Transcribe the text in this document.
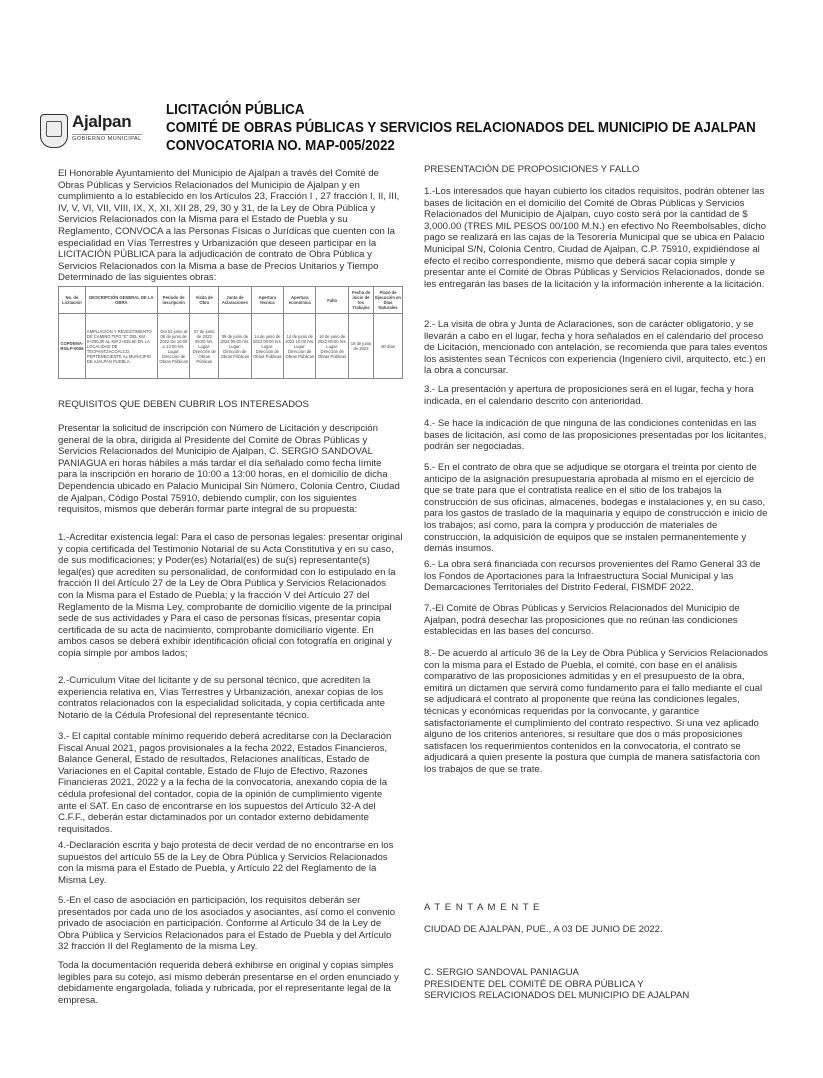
Ajalpan
GOBIERNO MUNICIPAL
LICITACIÓN PÚBLICA
COMITÉ DE OBRAS PÚBLICAS Y SERVICIOS RELACIONADOS DEL MUNICIPIO DE AJALPAN
CONVOCATORIA NO. MAP-005/2022

El Honorable Ayuntamiento del Municipio de Ajalpan a través del Comité de Obras Públicas y Servicios Relacionados del Municipio de Ajalpan y en cumplimiento a lo establecido en los Artículos 23, Fracción I , 27 fracción I, II, III, IV, V, VI, VII, VIII, IX, X, XI, XII 28, 29, 30 y 31, de la Ley de Obra Pública y Servicios Relacionados con la Misma para el Estado de Puebla y su Reglamento, CONVOCA a las Personas Físicas o Jurídicas que cuenten con la especialidad en Vías Terrestres y Urbanización que deseen participar en la LICITACIÓN PÚBLICA para la adjudicación de contrato de Obra Pública y Servicios Relacionados con la Misma a base de Precios Unitarios y Tiempo Determinado de las siguientes obras:

No. de Licitación	DESCRIPCIÓN GENERAL DE LA OBRA	Periodo de inscripción	Visita de Obra	Junta de Aclaraciones	Apertura técnica	Apertura económica	Fallo	Fecha de inicio de los Trabajos	Plazo de Ejecución en Días Naturales
COPDEMA-RSILP-0006	AMPLIACIÓN Y REVESTIMIENTO DE CAMINO TIPO "E" DEL KM 0+000.00 AL KM 2+935.90 EN LA LOCALIDAD DE TECPANTZACOALCO, PERTENECIENTE AL MUNICIPIO DE AJALPAN PUEBLA.	Del 03 junio al 08 de junio de 2022 De 10:00 a 13:00 hrs. Lugar: Dirección de Obras Públicas	07 de junio de 2022 09:00 hrs. Lugar: Dirección de Obras Públicas	09 de junio de 2022 09:00 hrs. Lugar: Dirección de Obras Públicas	14 de junio de 2022 09:00 hrs. Lugar: Dirección de Obras Públicas	14 de junio de 2022 10:00 hrs. Lugar: Dirección de Obras Públicas	16 de junio de 2022 09:00 hrs. Lugar: Dirección de Obras Públicas	18 de junio de 2022	90 días
REQUISITOS QUE DEBEN CUBRIR LOS INTERESADOS
Presentar la solicitud de inscripción con Número de Licitación y descripción general de la obra, dirigida al Presidente del Comité de Obras Públicas y Servicios Relacionados del Municipio de Ajalpan, C. SERGIO SANDOVAL PANIAGUA en horas hábiles a más tardar el día señalado como fecha límite para la inscripción en horario de 10:00 a 13:00 horas, en el domicilio de dicha Dependencia ubicado en Palacio Municipal Sin Número, Colonia Centro, Ciudad de Ajalpan, Código Postal 75910, debiendo cumplir, con los siguientes requisitos, mismos que deberán formar parte integral de su propuesta:
1.-Acreditar existencia legal: Para el caso de personas legales: presentar original y copia certificada del Testimonio Notarial de su Acta Constitutiva y en su caso, de sus modificaciones; y Poder(es) Notarial(es) de su(s) representante(s) legal(es) que acrediten su personalidad, de conformidad con lo estipulado en la fracción II del Artículo 27 de la Ley de Obra Pública y Servicios Relacionados con la Misma para el Estado de Puebla; y la fracción V del Artículo 27 del Reglamento de la Misma Ley, comprobante de domicilio vigente de la principal sede de sus actividades y Para el caso de personas físicas, presentar copia certificada de su acta de nacimiento, comprobante domiciliario vigente. En ambos casos se deberá exhibir identificación oficial con fotografía en original y copia simple por ambos lados;
2.-Curriculum Vitae del licitante y de su personal técnico, que acrediten la experiencia relativa en, Vías Terrestres y Urbanización, anexar copias de los contratos relacionados con la especialidad solicitada, y copia certificada ante Notario de la Cédula Profesional del representante técnico.
3.- El capital contable mínimo requerido deberá acreditarse con la Declaración Fiscal Anual 2021, pagos provisionales a la fecha 2022, Estados Financieros, Balance General, Estado de resultados, Relaciones analíticas, Estado de Variaciones en el Capital contable, Estado de Flujo de Efectivo, Razones Financieras 2021, 2022 y a la fecha de la convocatoria, anexando copia de la cédula profesional del contador, copia de la opinión de cumplimiento vigente ante el SAT. En caso de encontrarse en los supuestos del Artículo 32-A del C.F.F., deberán estar dictaminados por un contador externo debidamente requisitados.
4.-Declaración escrita y bajo protesta de decir verdad de no encontrarse en los supuestos del artículo 55 de la Ley de Obra Pública y Servicios Relacionados con la misma para el Estado de Puebla, y Artículo 22 del Reglamento de la Misma Ley.
5.-En el caso de asociación en participación, los requisitos deberán ser presentados por cada uno de los asociados y asociantes, así como el convenio privado de asociación en participación. Conforme al Artículo 34 de la Ley de Obra Pública y Servicios Relacionados para el Estado de Puebla y del Artículo 32 fracción II del Reglamento de la misma Ley.
Toda la documentación requerida deberá exhibirse en original y copias simples legibles para su cotejo, así mismo deberán presentarse en el orden enunciado y debidamente engargolada, foliada y rubricada, por el representante legal de la empresa.
PRESENTACIÓN DE PROPOSICIONES Y FALLO
1.-Los interesados que hayan cubierto los citados requisitos, podrán obtener las bases de licitación en el domicilio del Comité de Obras Públicas y Servicios Relacionados del Municipio de Ajalpan, cuyo costo será por la cantidad de $ 3,000.00 (TRES MIL PESOS 00/100 M.N.) en efectivo No Reembolsables, dicho pago se realizará en las cajas de la Tesorería Municipal que se ubica en Palacio Municipal S/N, Colonia Centro, Ciudad de Ajalpan, C.P. 75910, expidiéndose al efecto el recibo correspondiente, mismo que deberá sacar copia simple y presentar ante el Comité de Obras Públicas y Servicios Relacionados, donde se les entregarán las bases de la licitación y la información inherente a la licitación.
2.- La visita de obra y Junta de Aclaraciones, son de carácter obligatorio, y se llevarán a cabo en el lugar, fecha y hora señalados en el calendario del proceso de Licitación, mencionado con antelación, se recomienda que para tales eventos los asistentes sean Técnicos con experiencia (Ingeniero civil, arquitecto, etc.) en la obra a concursar.
3.- La presentación y apertura de proposiciones será en el lugar, fecha y hora indicada, en el calendario descrito con anterioridad.
4.- Se hace la indicación de que ninguna de las condiciones contenidas en las bases de licitación, así como de las proposiciones presentadas por los licitantes, podrán ser negociadas.
5.- En el contrato de obra que se adjudique se otorgara el treinta por ciento de anticipo de la asignación presupuestaria aprobada al mismo en el ejercicio de que se trate para que el contratista realice en el sitio de los trabajos la construcción de sus oficinas, almacenes, bodegas e instalaciones y, en su caso, para los gastos de traslado de la maquinaria y equipo de construcción e inicio de los trabajos; así como, para la compra y producción de materiales de construcción, la adquisición de equipos que se instalen permanentemente y demás insumos.
6.- La obra será financiada con recursos provenientes del Ramo General 33 de los Fondos de Aportaciones para la Infraestructura Social Municipal y las Demarcaciones Territoriales del Distrito Federal, FISMDF 2022.
7.-El Comité de Obras Públicas y Servicios Relacionados del Municipio de Ajalpan, podrá desechar las proposiciones que no reúnan las condiciones establecidas en las bases del concurso.
8.- De acuerdo al artículo 36 de la Ley de Obra Pública y Servicios Relacionados con la misma para el Estado de Puebla, el comité, con base en el análisis comparativo de las proposiciones admitidas y en el presupuesto de la obra, emitirá un dictamen que servirá como fundamento para el fallo mediante el cual se adjudicará el contrato al proponente que reúna las condiciones legales, técnicas y económicas requeridas por la convocante, y garantice satisfactoriamente el cumplimiento del contrato respectivo. Si una vez aplicado alguno de los criterios anteriores, si resultare que dos o más proposiciones satisfacen los requerimientos contenidos en la convocatoria, el contrato se adjudicará a quien presente la postura que cumpla de manera satisfactoria con los trabajos de que se trate.
A T E N T A M E N T E
CIUDAD DE AJALPAN, PUE., A 03 DE JUNIO DE 2022.
C. SERGIO SANDOVAL PANIAGUA
PRESIDENTE DEL COMITÉ DE OBRA PÚBLICA Y
SERVICIOS RELACIONADOS DEL MUNICIPIO DE AJALPAN
